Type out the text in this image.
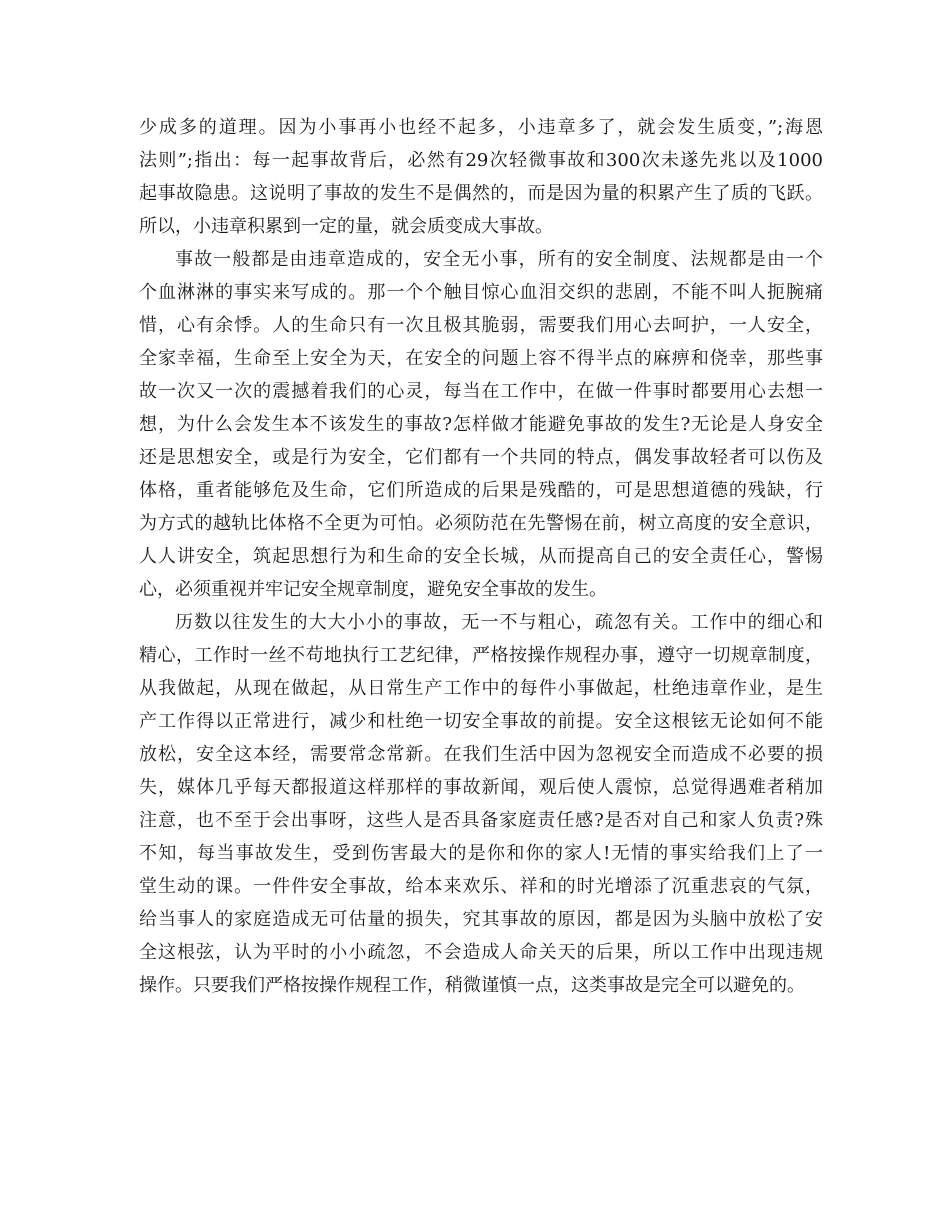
少成多的道理。因为小事再小也经不起多，小违章多了，就会发生质变，”;海恩
法则”;指出：每一起事故背后，必然有29次轻微事故和300次未遂先兆以及1000
起事故隐患。这说明了事故的发生不是偶然的，而是因为量的积累产生了质的飞跃。
所以，小违章积累到一定的量，就会质变成大事故。
事故一般都是由违章造成的，安全无小事，所有的安全制度、法规都是由一个
个血淋淋的事实来写成的。那一个个触目惊心血泪交织的悲剧，不能不叫人扼腕痛
惜，心有余悸。人的生命只有一次且极其脆弱，需要我们用心去呵护，一人安全，
全家幸福，生命至上安全为天，在安全的问题上容不得半点的麻痹和侥幸，那些事
故一次又一次的震撼着我们的心灵，每当在工作中，在做一件事时都要用心去想一
想，为什么会发生本不该发生的事故?怎样做才能避免事故的发生?无论是人身安全
还是思想安全，或是行为安全，它们都有一个共同的特点，偶发事故轻者可以伤及
体格，重者能够危及生命，它们所造成的后果是残酷的，可是思想道德的残缺，行
为方式的越轨比体格不全更为可怕。必须防范在先警惕在前，树立高度的安全意识，
人人讲安全，筑起思想行为和生命的安全长城，从而提高自己的安全责任心，警惕
心，必须重视并牢记安全规章制度，避免安全事故的发生。
历数以往发生的大大小小的事故，无一不与粗心，疏忽有关。工作中的细心和
精心，工作时一丝不苟地执行工艺纪律，严格按操作规程办事，遵守一切规章制度，
从我做起，从现在做起，从日常生产工作中的每件小事做起，杜绝违章作业，是生
产工作得以正常进行，减少和杜绝一切安全事故的前提。安全这根铉无论如何不能
放松，安全这本经，需要常念常新。在我们生活中因为忽视安全而造成不必要的损
失，媒体几乎每天都报道这样那样的事故新闻，观后使人震惊，总觉得遇难者稍加
注意，也不至于会出事呀，这些人是否具备家庭责任感?是否对自己和家人负责?殊
不知，每当事故发生，受到伤害最大的是你和你的家人!无情的事实给我们上了一
堂生动的课。一件件安全事故，给本来欢乐、祥和的时光增添了沉重悲哀的气氛，
给当事人的家庭造成无可估量的损失，究其事故的原因，都是因为头脑中放松了安
全这根弦，认为平时的小小疏忽，不会造成人命关天的后果，所以工作中出现违规
操作。只要我们严格按操作规程工作，稍微谨慎一点，这类事故是完全可以避免的。
